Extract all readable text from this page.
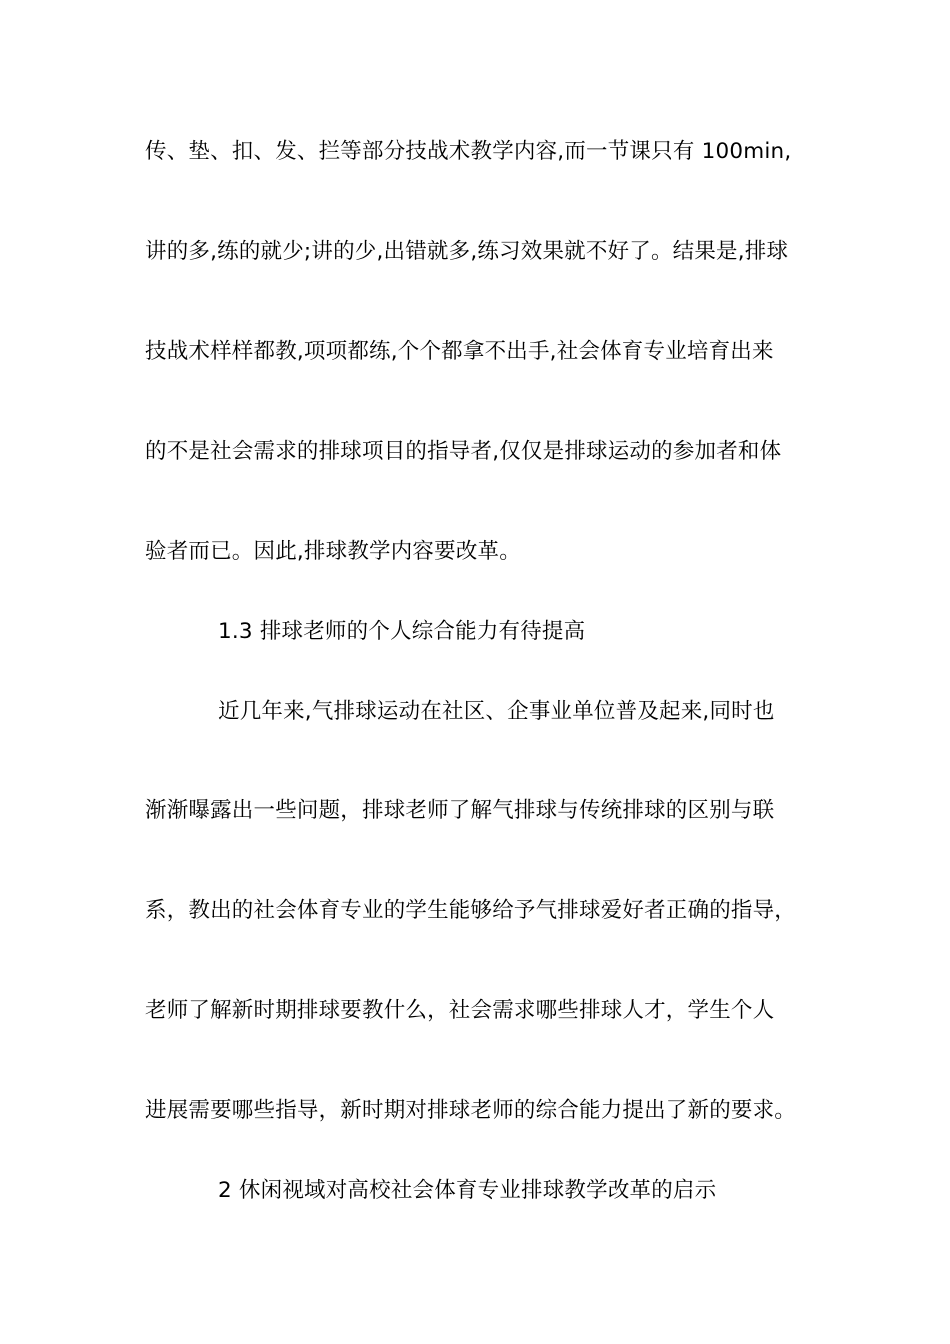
传、垫、扣、发、拦等部分技战术教学内容,而一节课只有 100min,
讲的多,练的就少;讲的少,出错就多,练习效果就不好了。结果是,排球
技战术样样都教,项项都练,个个都拿不出手,社会体育专业培育出来
的不是社会需求的排球项目的指导者,仅仅是排球运动的参加者和体
验者而已。因此,排球教学内容要改革。
1.3 排球老师的个人综合能力有待提高
近几年来,气排球运动在社区、企事业单位普及起来,同时也
渐渐曝露出一些问题，排球老师了解气排球与传统排球的区别与联
系，教出的社会体育专业的学生能够给予气排球爱好者正确的指导，
老师了解新时期排球要教什么，社会需求哪些排球人才，学生个人
进展需要哪些指导，新时期对排球老师的综合能力提出了新的要求。
2 休闲视域对高校社会体育专业排球教学改革的启示
